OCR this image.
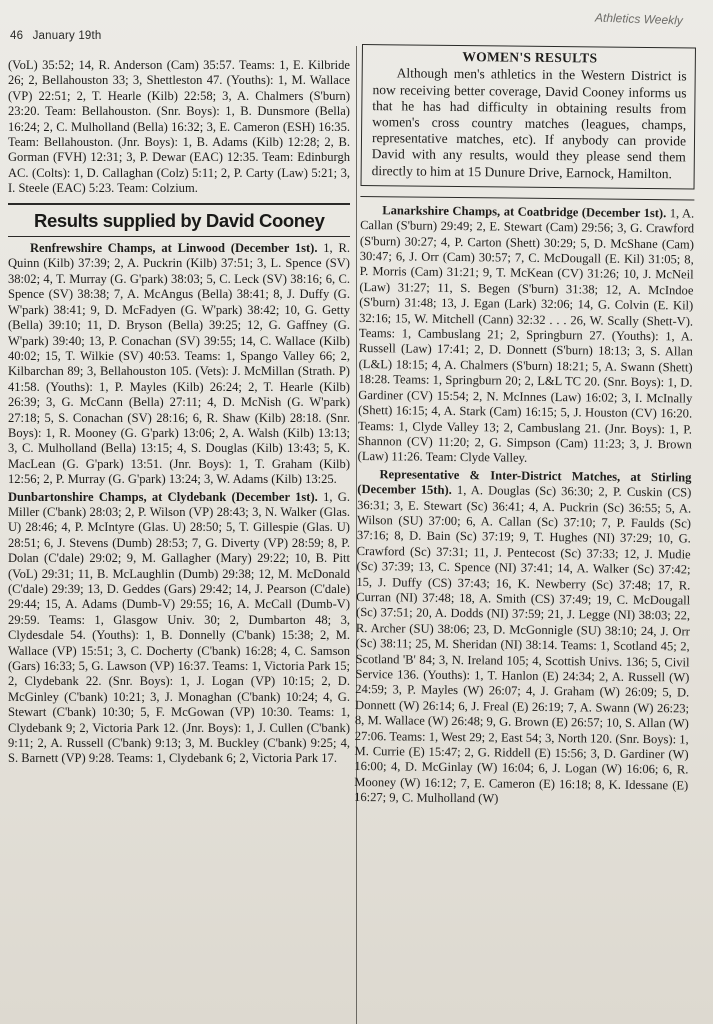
46 January 19th
Athletics Weekly

(VoL) 35:52; 14, R. Anderson (Cam) 35:57. Teams: 1, E. Kilbride 26; 2, Bellahouston 33; 3, Shettleston 47. (Youths): 1, M. Wallace (VP) 22:51; 2, T. Hearle (Kilb) 22:58; 3, A. Chalmers (S'burn) 23:20. Team: Bellahouston. (Snr. Boys): 1, B. Dunsmore (Bella) 16:24; 2, C. Mulholland (Bella) 16:32; 3, E. Cameron (ESH) 16:35. Team: Bellahouston. (Jnr. Boys): 1, B. Adams (Kilb) 12:28; 2, B. Gorman (FVH) 12:31; 3, P. Dewar (EAC) 12:35. Team: Edinburgh AC. (Colts): 1, D. Callaghan (Colz) 5:11; 2, P. Carty (Law) 5:21; 3, I. Steele (EAC) 5:23. Team: Colzium.

Results supplied by David Cooney

Renfrewshire Champs, at Linwood (December 1st). 1, R. Quinn (Kilb) 37:39; 2, A. Puckrin (Kilb) 37:51; 3, L. Spence (SV) 38:02; 4, T. Murray (G. G'park) 38:03; 5, C. Leck (SV) 38:16; 6, C. Spence (SV) 38:38; 7, A. McAngus (Bella) 38:41; 8, J. Duffy (G. W'park) 38:41; 9, D. McFadyen (G. W'park) 38:42; 10, G. Getty (Bella) 39:10; 11, D. Bryson (Bella) 39:25; 12, G. Gaffney (G. W'park) 39:40; 13, P. Conachan (SV) 39:55; 14, C. Wallace (Kilb) 40:02; 15, T. Wilkie (SV) 40:53. Teams: 1, Spango Valley 66; 2, Kilbarchan 89; 3, Bellahouston 105. (Vets): J. McMillan (Strath. P) 41:58. (Youths): 1, P. Mayles (Kilb) 26:24; 2, T. Hearle (Kilb) 26:39; 3, G. McCann (Bella) 27:11; 4, D. McNish (G. W'park) 27:18; 5, S. Conachan (SV) 28:16; 6, R. Shaw (Kilb) 28:18. (Snr. Boys): 1, R. Mooney (G. G'park) 13:06; 2, A. Walsh (Kilb) 13:13; 3, C. Mulholland (Bella) 13:15; 4, S. Douglas (Kilb) 13:43; 5, K. MacLean (G. G'park) 13:51. (Jnr. Boys): 1, T. Graham (Kilb) 12:56; 2, P. Murray (G. G'park) 13:24; 3, W. Adams (Kilb) 13:25.

Dunbartonshire Champs, at Clydebank (December 1st). 1, G. Miller (C'bank) 28:03; 2, P. Wilson (VP) 28:43; 3, N. Walker (Glas. U) 28:46; 4, P. McIntyre (Glas. U) 28:50; 5, T. Gillespie (Glas. U) 28:51; 6, J. Stevens (Dumb) 28:53; 7, G. Diverty (VP) 28:59; 8, P. Dolan (C'dale) 29:02; 9, M. Gallagher (Mary) 29:22; 10, B. Pitt (VoL) 29:31; 11, B. McLaughlin (Dumb) 29:38; 12, M. McDonald (C'dale) 29:39; 13, D. Geddes (Gars) 29:42; 14, J. Pearson (C'dale) 29:44; 15, A. Adams (Dumb-V) 29:55; 16, A. McCall (Dumb-V) 29:59. Teams: 1, Glasgow Univ. 30; 2, Dumbarton 48; 3, Clydesdale 54. (Youths): 1, B. Donnelly (C'bank) 15:38; 2, M. Wallace (VP) 15:51; 3, C. Docherty (C'bank) 16:28; 4, C. Samson (Gars) 16:33; 5, G. Lawson (VP) 16:37. Teams: 1, Victoria Park 15; 2, Clydebank 22. (Snr. Boys): 1, J. Logan (VP) 10:15; 2, D. McGinley (C'bank) 10:21; 3, J. Monaghan (C'bank) 10:24; 4, G. Stewart (C'bank) 10:30; 5, F. McGowan (VP) 10:30. Teams: 1, Clydebank 9; 2, Victoria Park 12. (Jnr. Boys): 1, J. Cullen (C'bank) 9:11; 2, A. Russell (C'bank) 9:13; 3, M. Buckley (C'bank) 9:25; 4, S. Barnett (VP) 9:28. Teams: 1, Clydebank 6; 2, Victoria Park 17.

WOMEN'S RESULTS
Although men's athletics in the Western District is now receiving better coverage, David Cooney informs us that he has had difficulty in obtaining results from women's cross country matches (leagues, champs, representative matches, etc). If anybody can provide David with any results, would they please send them directly to him at 15 Dunure Drive, Earnock, Hamilton.

Lanarkshire Champs, at Coatbridge (December 1st). 1, A. Callan (S'burn) 29:49; 2, E. Stewart (Cam) 29:56; 3, G. Crawford (S'burn) 30:27; 4, P. Carton (Shett) 30:29; 5, D. McShane (Cam) 30:47; 6, J. Orr (Cam) 30:57; 7, C. McDougall (E. Kil) 31:05; 8, P. Morris (Cam) 31:21; 9, T. McKean (CV) 31:26; 10, J. McNeil (Law) 31:27; 11, S. Begen (S'burn) 31:38; 12, A. McIndoe (S'burn) 31:48; 13, J. Egan (Lark) 32:06; 14, G. Colvin (E. Kil) 32:16; 15, W. Mitchell (Cann) 32:32 . . . 26, W. Scally (Shett-V). Teams: 1, Cambuslang 21; 2, Springburn 27. (Youths): 1, A. Russell (Law) 17:41; 2, D. Donnett (S'burn) 18:13; 3, S. Allan (L&L) 18:15; 4, A. Chalmers (S'burn) 18:21; 5, A. Swann (Shett) 18:28. Teams: 1, Springburn 20; 2, L&L TC 20. (Snr. Boys): 1, D. Gardiner (CV) 15:54; 2, N. McInnes (Law) 16:02; 3, I. McInally (Shett) 16:15; 4, A. Stark (Cam) 16:15; 5, J. Houston (CV) 16:20. Teams: 1, Clyde Valley 13; 2, Cambuslang 21. (Jnr. Boys): 1, P. Shannon (CV) 11:20; 2, G. Simpson (Cam) 11:23; 3, J. Brown (Law) 11:26. Team: Clyde Valley.

Representative & Inter-District Matches, at Stirling (December 15th). 1, A. Douglas (Sc) 36:30; 2, P. Cuskin (CS) 36:31; 3, E. Stewart (Sc) 36:41; 4, A. Puckrin (Sc) 36:55; 5, A. Wilson (SU) 37:00; 6, A. Callan (Sc) 37:10; 7, P. Faulds (Sc) 37:16; 8, D. Bain (Sc) 37:19; 9, T. Hughes (NI) 37:29; 10, G. Crawford (Sc) 37:31; 11, J. Pentecost (Sc) 37:33; 12, J. Mudie (Sc) 37:39; 13, C. Spence (NI) 37:41; 14, A. Walker (Sc) 37:42; 15, J. Duffy (CS) 37:43; 16, K. Newberry (Sc) 37:48; 17, R. Curran (NI) 37:48; 18, A. Smith (CS) 37:49; 19, C. McDougall (Sc) 37:51; 20, A. Dodds (NI) 37:59; 21, J. Legge (NI) 38:03; 22, R. Archer (SU) 38:06; 23, D. McGonnigle (SU) 38:10; 24, J. Orr (Sc) 38:11; 25, M. Sheridan (NI) 38:14. Teams: 1, Scotland 45; 2, Scotland 'B' 84; 3, N. Ireland 105; 4, Scottish Univs. 136; 5, Civil Service 136. (Youths): 1, T. Hanlon (E) 24:34; 2, A. Russell (W) 24:59; 3, P. Mayles (W) 26:07; 4, J. Graham (W) 26:09; 5, D. Donnett (W) 26:14; 6, J. Freal (E) 26:19; 7, A. Swann (W) 26:23; 8, M. Wallace (W) 26:48; 9, G. Brown (E) 26:57; 10, S. Allan (W) 27:06. Teams: 1, West 29; 2, East 54; 3, North 120. (Snr. Boys): 1, M. Currie (E) 15:47; 2, G. Riddell (E) 15:56; 3, D. Gardiner (W) 16:00; 4, D. McGinlay (W) 16:04; 6, J. Logan (W) 16:06; 6, R. Mooney (W) 16:12; 7, E. Cameron (E) 16:18; 8, K. Idessane (E) 16:27; 9, C. Mulholland (W)
